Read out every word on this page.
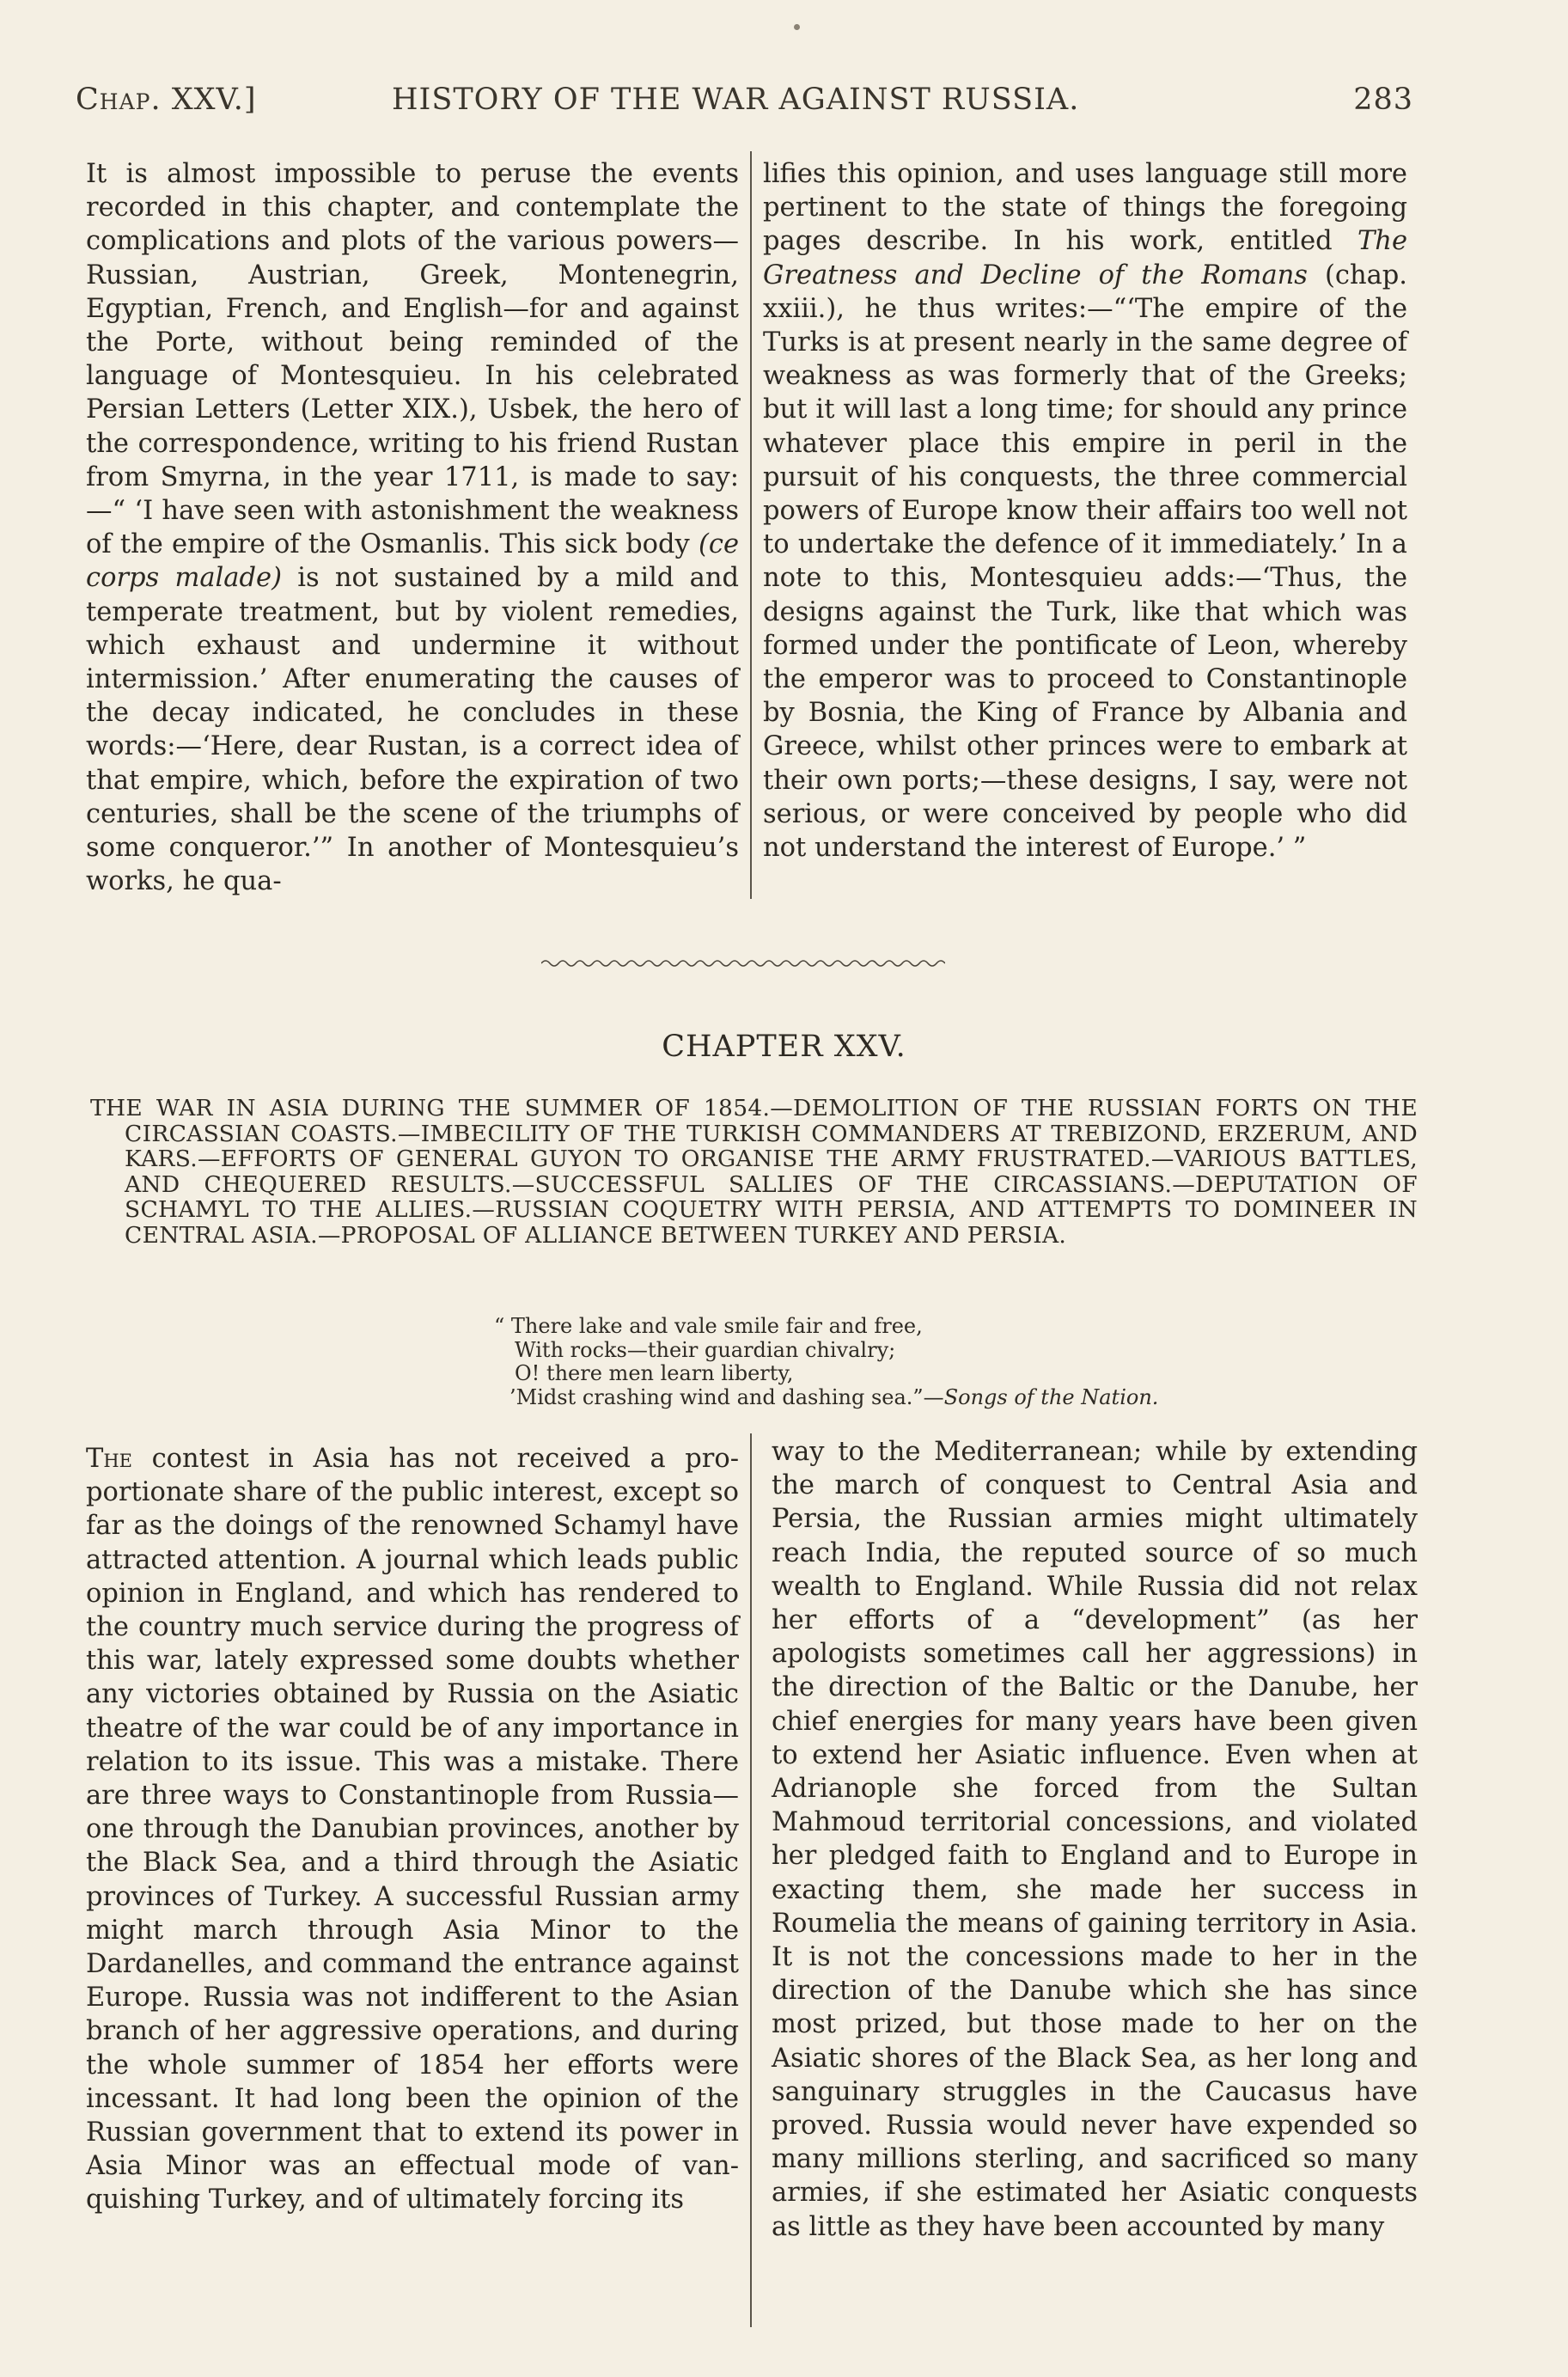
Chap. XXV.]	HISTORY OF THE WAR AGAINST RUSSIA.	283

It is almost impossible to peruse the events recorded in this chapter, and contemplate the complications and plots of the various powers—Russian, Austrian, Greek, Montenegrin, Egyptian, French, and English—for and against the Porte, without being reminded of the language of Montesquieu. In his celebrated Persian Letters (Letter XIX.), Usbek, the hero of the correspondence, writing to his friend Rustan from Smyrna, in the year 1711, is made to say:—“ ‘I have seen with astonishment the weakness of the empire of the Osmanlis. This sick body (ce corps malade) is not sustained by a mild and temperate treatment, but by violent remedies, which exhaust and undermine it without intermission.’ After enumerating the causes of the decay indicated, he concludes in these words:—‘Here, dear Rustan, is a correct idea of that empire, which, before the expiration of two centuries, shall be the scene of the triumphs of some conqueror.’” In another of Montesquieu’s works, he qua-

lifies this opinion, and uses language still more pertinent to the state of things the foregoing pages describe. In his work, entitled The Greatness and Decline of the Romans (chap. xxiii.), he thus writes:—“‘The empire of the Turks is at present nearly in the same degree of weakness as was formerly that of the Greeks; but it will last a long time; for should any prince whatever place this empire in peril in the pursuit of his conquests, the three commercial powers of Europe know their affairs too well not to undertake the defence of it immediately.’ In a note to this, Montesquieu adds:—‘Thus, the designs against the Turk, like that which was formed under the pontificate of Leon, whereby the emperor was to proceed to Constantinople by Bosnia, the King of France by Albania and Greece, whilst other princes were to embark at their own ports;—these designs, I say, were not serious, or were conceived by people who did not understand the interest of Europe.’ ”

CHAPTER XXV.

THE WAR IN ASIA DURING THE SUMMER OF 1854.—DEMOLITION OF THE RUSSIAN FORTS ON THE CIRCASSIAN COASTS.—IMBECILITY OF THE TURKISH COMMANDERS AT TREBIZOND, ERZERUM, AND KARS.—EFFORTS OF GENERAL GUYON TO ORGANISE THE ARMY FRUSTRATED.—VARIOUS BATTLES, AND CHEQUERED RESULTS.—SUCCESSFUL SALLIES OF THE CIRCASSIANS.—DEPUTATION OF SCHAMYL TO THE ALLIES.—RUSSIAN COQUETRY WITH PERSIA, AND ATTEMPTS TO DOMINEER IN CENTRAL ASIA.—PROPOSAL OF ALLIANCE BETWEEN TURKEY AND PERSIA.

“ There lake and vale smile fair and free,
With rocks—their guardian chivalry;
O! there men learn liberty,
’Midst crashing wind and dashing sea.”—Songs of the Nation.

The contest in Asia has not received a proportionate share of the public interest, except so far as the doings of the renowned Schamyl have attracted attention. A journal which leads public opinion in England, and which has rendered to the country much service during the progress of this war, lately expressed some doubts whether any victories obtained by Russia on the Asiatic theatre of the war could be of any importance in relation to its issue. This was a mistake. There are three ways to Constantinople from Russia—one through the Danubian provinces, another by the Black Sea, and a third through the Asiatic provinces of Turkey. A successful Russian army might march through Asia Minor to the Dardanelles, and command the entrance against Europe. Russia was not indifferent to the Asian branch of her aggressive operations, and during the whole summer of 1854 her efforts were incessant. It had long been the opinion of the Russian government that to extend its power in Asia Minor was an effectual mode of vanquishing Turkey, and of ultimately forcing its

way to the Mediterranean; while by extending the march of conquest to Central Asia and Persia, the Russian armies might ultimately reach India, the reputed source of so much wealth to England. While Russia did not relax her efforts of a “development” (as her apologists sometimes call her aggressions) in the direction of the Baltic or the Danube, her chief energies for many years have been given to extend her Asiatic influence. Even when at Adrianople she forced from the Sultan Mahmoud territorial concessions, and violated her pledged faith to England and to Europe in exacting them, she made her success in Roumelia the means of gaining territory in Asia. It is not the concessions made to her in the direction of the Danube which she has since most prized, but those made to her on the Asiatic shores of the Black Sea, as her long and sanguinary struggles in the Caucasus have proved. Russia would never have expended so many millions sterling, and sacrificed so many armies, if she estimated her Asiatic conquests as little as they have been accounted by many
